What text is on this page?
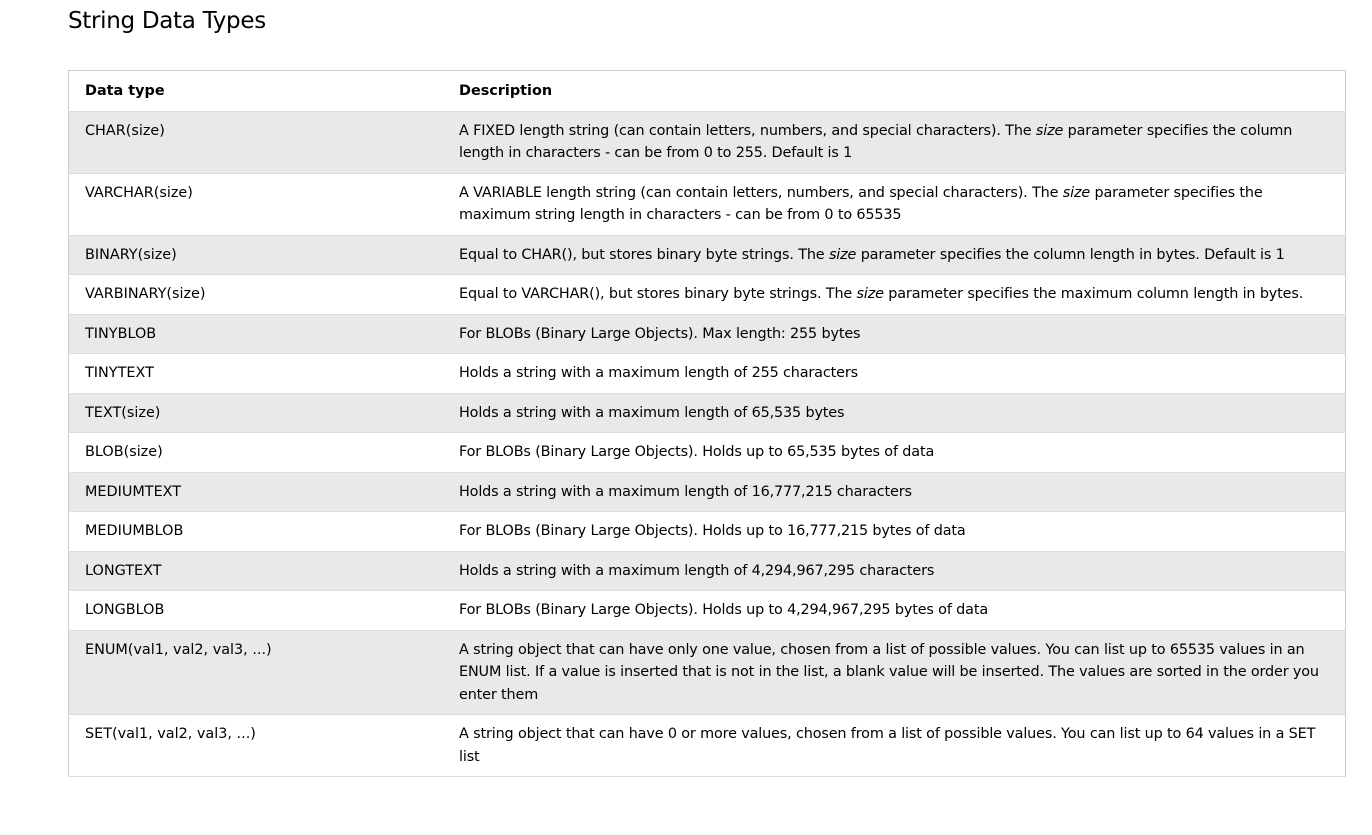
String Data Types
Data type	Description
CHAR(size)	A FIXED length string (can contain letters, numbers, and special characters). The size parameter specifies the column length in characters - can be from 0 to 255. Default is 1
VARCHAR(size)	A VARIABLE length string (can contain letters, numbers, and special characters). The size parameter specifies the maximum string length in characters - can be from 0 to 65535
BINARY(size)	Equal to CHAR(), but stores binary byte strings. The size parameter specifies the column length in bytes. Default is 1
VARBINARY(size)	Equal to VARCHAR(), but stores binary byte strings. The size parameter specifies the maximum column length in bytes.
TINYBLOB	For BLOBs (Binary Large Objects). Max length: 255 bytes
TINYTEXT	Holds a string with a maximum length of 255 characters
TEXT(size)	Holds a string with a maximum length of 65,535 bytes
BLOB(size)	For BLOBs (Binary Large Objects). Holds up to 65,535 bytes of data
MEDIUMTEXT	Holds a string with a maximum length of 16,777,215 characters
MEDIUMBLOB	For BLOBs (Binary Large Objects). Holds up to 16,777,215 bytes of data
LONGTEXT	Holds a string with a maximum length of 4,294,967,295 characters
LONGBLOB	For BLOBs (Binary Large Objects). Holds up to 4,294,967,295 bytes of data
ENUM(val1, val2, val3, ...)	A string object that can have only one value, chosen from a list of possible values. You can list up to 65535 values in an ENUM list. If a value is inserted that is not in the list, a blank value will be inserted. The values are sorted in the order you enter them
SET(val1, val2, val3, ...)	A string object that can have 0 or more values, chosen from a list of possible values. You can list up to 64 values in a SET list
